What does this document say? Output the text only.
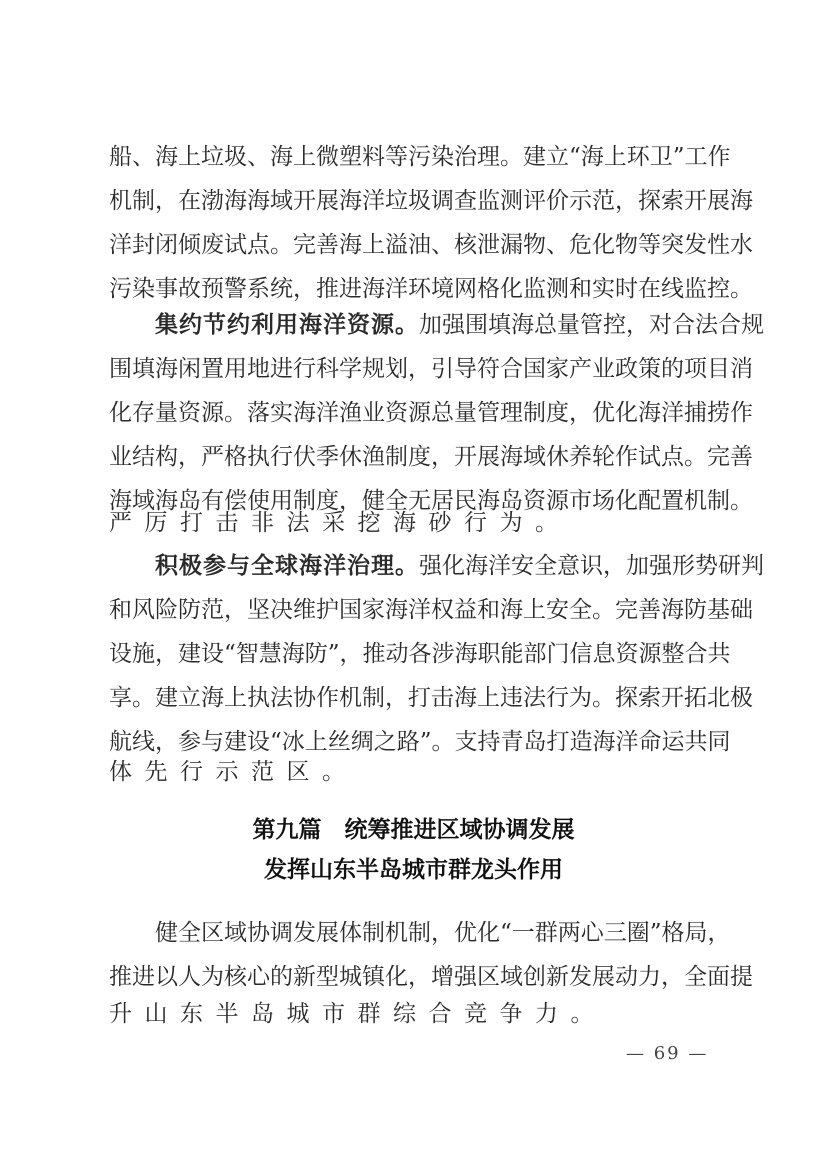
船、海上垃圾、海上微塑料等污染治理。建立“海上环卫”工作
机制，在渤海海域开展海洋垃圾调查监测评价示范，探索开展海
洋封闭倾废试点。完善海上溢油、核泄漏物、危化物等突发性水
污染事故预警系统，推进海洋环境网格化监测和实时在线监控。
集约节约利用海洋资源。加强围填海总量管控，对合法合规
围填海闲置用地进行科学规划，引导符合国家产业政策的项目消
化存量资源。落实海洋渔业资源总量管理制度，优化海洋捕捞作
业结构，严格执行伏季休渔制度，开展海域休养轮作试点。完善
海域海岛有偿使用制度，健全无居民海岛资源市场化配置机制。
严厉打击非法采挖海砂行为。
积极参与全球海洋治理。强化海洋安全意识，加强形势研判
和风险防范，坚决维护国家海洋权益和海上安全。完善海防基础
设施，建设“智慧海防”，推动各涉海职能部门信息资源整合共
享。建立海上执法协作机制，打击海上违法行为。探索开拓北极
航线，参与建设“冰上丝绸之路”。支持青岛打造海洋命运共同
体先行示范区。
第九篇　统筹推进区域协调发展
发挥山东半岛城市群龙头作用
健全区域协调发展体制机制，优化“一群两心三圈”格局，
推进以人为核心的新型城镇化，增强区域创新发展动力，全面提
升山东半岛城市群综合竞争力。
— 69 —
